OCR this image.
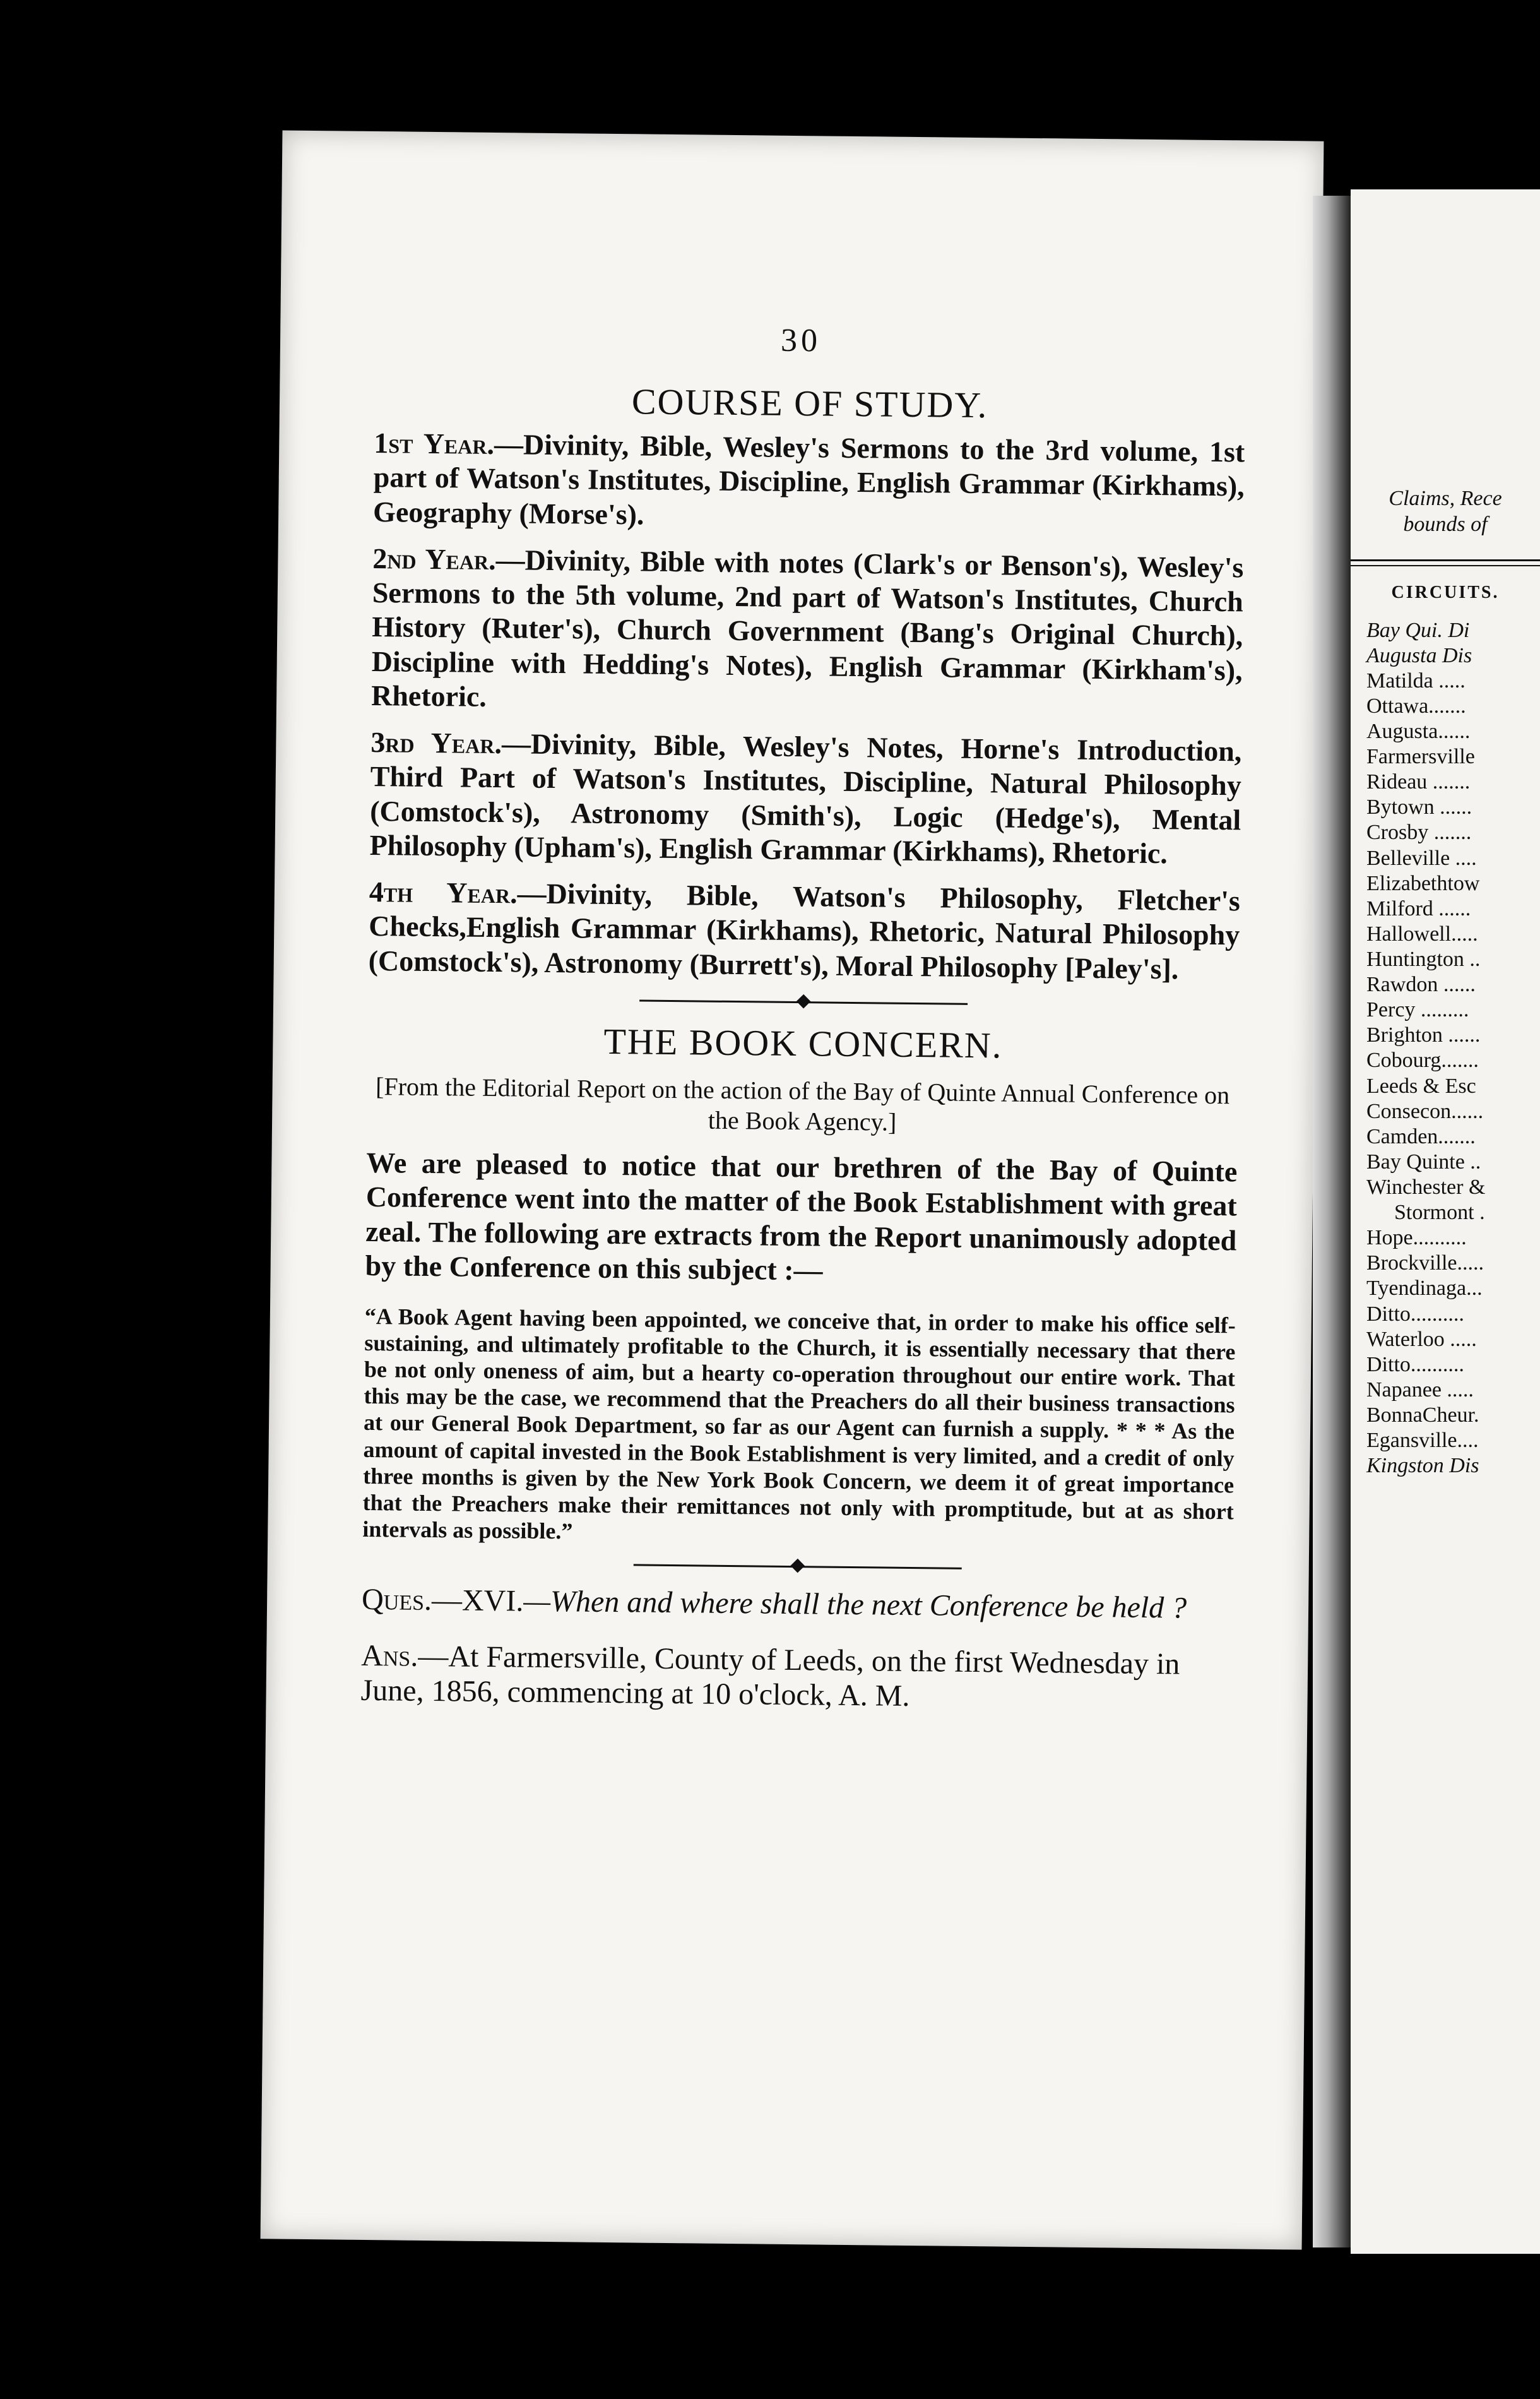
30
COURSE OF STUDY.

1st Year.—Divinity, Bible, Wesley's Sermons to the 3rd volume, 1st part of Watson's Institutes, Discipline, English Grammar (Kirkhams), Geography (Morse's).

2nd Year.—Divinity, Bible with notes (Clark's or Benson's), Wesley's Sermons to the 5th volume, 2nd part of Watson's Institutes, Church History (Ruter's), Church Government (Bang's Original Church), Discipline with Hedding's Notes), English Grammar (Kirkham's), Rhetoric.

3rd Year.—Divinity, Bible, Wesley's Notes, Horne's Introduction, Third Part of Watson's Institutes, Discipline, Natural Philosophy (Comstock's), Astronomy (Smith's), Logic (Hedge's), Mental Philosophy (Upham's), English Grammar (Kirkhams), Rhetoric.

4th Year.—Divinity, Bible, Watson's Philosophy, Fletcher's Checks,English Grammar (Kirkhams), Rhetoric, Natural Philosophy (Comstock's), Astronomy (Burrett's), Moral Philosophy [Paley's].

THE BOOK CONCERN.
[From the Editorial Report on the action of the Bay of Quinte Annual Conference on the Book Agency.]

We are pleased to notice that our brethren of the Bay of Quinte Conference went into the matter of the Book Establishment with great zeal. The following are extracts from the Report unanimously adopted by the Conference on this subject :—

“A Book Agent having been appointed, we conceive that, in order to make his office self-sustaining, and ultimately profitable to the Church, it is essentially necessary that there be not only oneness of aim, but a hearty co-operation throughout our entire work. That this may be the case, we recommend that the Preachers do all their business transactions at our General Book Department, so far as our Agent can furnish a supply. * * * As the amount of capital invested in the Book Establishment is very limited, and a credit of only three months is given by the New York Book Concern, we deem it of great importance that the Preachers make their remittances not only with promptitude, but at as short intervals as possible.”
Ques.—XVI.—When and where shall the next Conference be held ?
Ans.—At Farmersville, County of Leeds, on the first Wednesday in June, 1856, commencing at 10 o'clock, A. M.
Claims, Rece
bounds of
CIRCUITS.
Bay Qui. Di
Augusta Dis
Matilda .....
Ottawa.......
Augusta......
Farmersville
Rideau .......
Bytown ......
Crosby .......
Belleville ....
Elizabethtow
Milford ......
Hallowell.....
Huntington ..
Rawdon ......
Percy .........
Brighton ......
Cobourg.......
Leeds & Esc
Consecon......
Camden.......
Bay Quinte ..
Winchester &
Stormont .
Hope..........
Brockville.....
Tyendinaga...
Ditto..........
Waterloo .....
Ditto..........
Napanee .....
BonnaCheur.
Egansville....
Kingston Dis
